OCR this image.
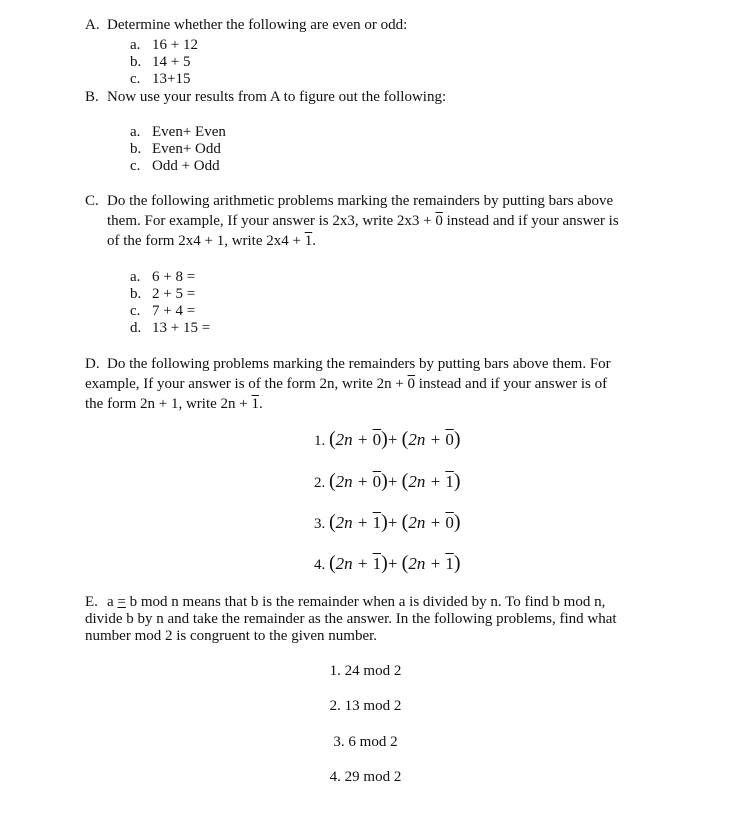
A. Determine whether the following are even or odd:
a. 16 + 12
b. 14 + 5
c. 13+15
B. Now use your results from A to figure out the following:
a. Even+ Even
b. Even+ Odd
c. Odd + Odd
C. Do the following arithmetic problems marking the remainders by putting bars above
them. For example, If your answer is 2x3, write 2x3 + 0 instead and if your answer is
of the form 2x4 + 1, write 2x4 + 1.
a. 6 + 8 =
b. 2 + 5 =
c. 7 + 4 =
d. 13 + 15 =
D. Do the following problems marking the remainders by putting bars above them. For
example, If your answer is of the form 2n, write 2n + 0 instead and if your answer is of
the form 2n + 1, write 2n + 1.
1. (2n + 0)+ (2n + 0)
2. (2n + 0)+ (2n + 1)
3. (2n + 1)+ (2n + 0)
4. (2n + 1)+ (2n + 1)
E. a = b mod n means that b is the remainder when a is divided by n. To find b mod n,
divide b by n and take the remainder as the answer. In the following problems, find what
number mod 2 is congruent to the given number.
1. 24 mod 2
2. 13 mod 2
3. 6 mod 2
4. 29 mod 2
